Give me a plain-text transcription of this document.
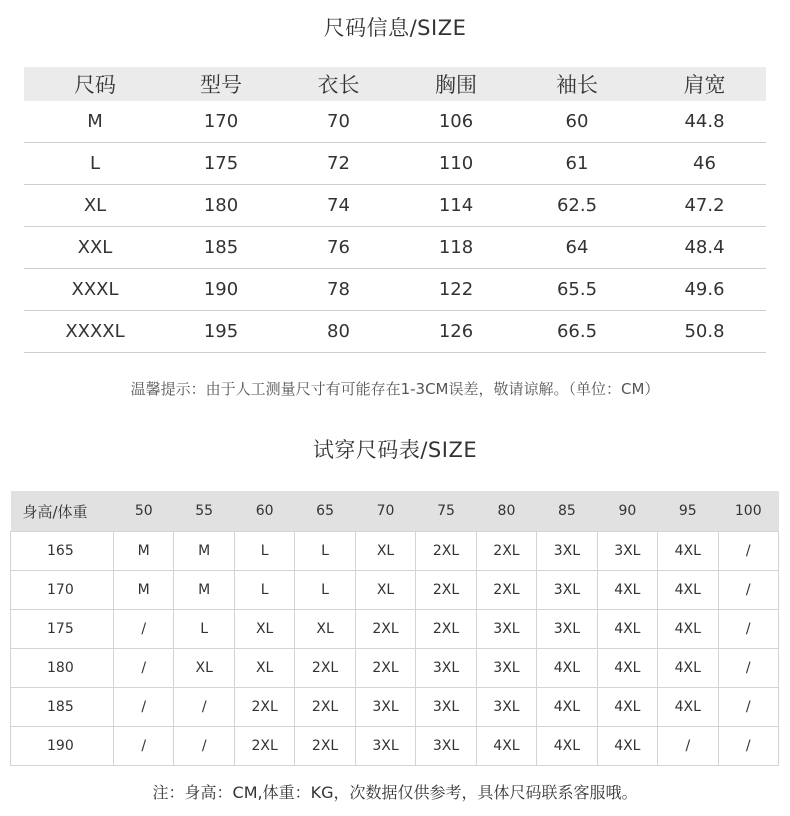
尺码信息/SIZE
尺码	型号	衣长	胸围	袖长	肩宽
M	170	70	106	60	44.8
L	175	72	110	61	46
XL	180	74	114	62.5	47.2
XXL	185	76	118	64	48.4
XXXL	190	78	122	65.5	49.6
XXXXL	195	80	126	66.5	50.8
温馨提示：由于人工测量尺寸有可能存在1-3CM误差，敬请谅解。（单位：CM）
试穿尺码表/SIZE
身高/体重	50	55	60	65	70	75	80	85	90	95	100
165	M	M	L	L	XL	2XL	2XL	3XL	3XL	4XL	/
170	M	M	L	L	XL	2XL	2XL	3XL	4XL	4XL	/
175	/	L	XL	XL	2XL	2XL	3XL	3XL	4XL	4XL	/
180	/	XL	XL	2XL	2XL	3XL	3XL	4XL	4XL	4XL	/
185	/	/	2XL	2XL	3XL	3XL	3XL	4XL	4XL	4XL	/
190	/	/	2XL	2XL	3XL	3XL	4XL	4XL	4XL	/	/
注：身高：CM,体重：KG，次数据仅供参考，具体尺码联系客服哦。
